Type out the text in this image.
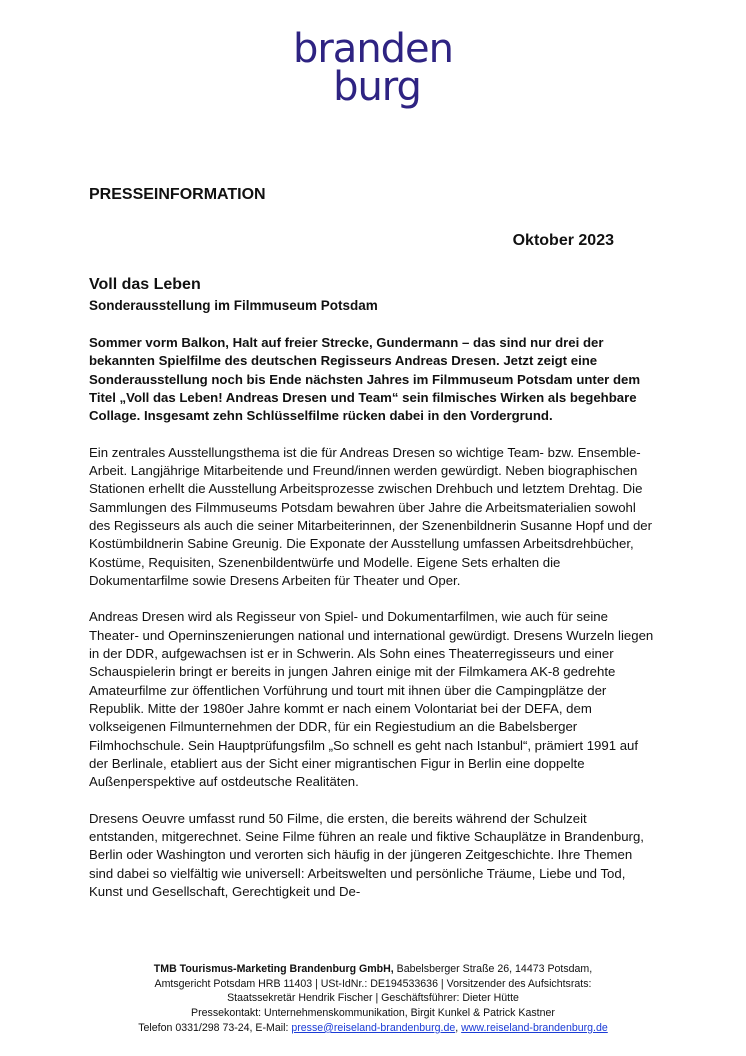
branden
burg
PRESSEINFORMATION
Oktober 2023
Voll das Leben
Sonderausstellung im Filmmuseum Potsdam

Sommer vorm Balkon, Halt auf freier Strecke, Gundermann – das sind nur drei der bekannten Spielfilme des deutschen Regisseurs Andreas Dresen. Jetzt zeigt eine Sonderausstellung noch bis Ende nächsten Jahres im Filmmuseum Potsdam unter dem Titel „Voll das Leben! Andreas Dresen und Team“ sein filmisches Wirken als begehbare Collage. Insgesamt zehn Schlüsselfilme rücken dabei in den Vordergrund.

Ein zentrales Ausstellungsthema ist die für Andreas Dresen so wichtige Team- bzw. Ensemble-Arbeit. Langjährige Mitarbeitende und Freund/innen werden gewürdigt. Neben biographischen Stationen erhellt die Ausstellung Arbeitsprozesse zwischen Drehbuch und letztem Drehtag. Die Sammlungen des Filmmuseums Potsdam bewahren über Jahre die Arbeitsmaterialien sowohl des Regisseurs als auch die seiner Mitarbeiterinnen, der Szenenbildnerin Susanne Hopf und der Kostümbildnerin Sabine Greunig. Die Exponate der Ausstellung umfassen Arbeitsdrehbücher, Kostüme, Requisiten, Szenenbildentwürfe und Modelle. Eigene Sets erhalten die Dokumentarfilme sowie Dresens Arbeiten für Theater und Oper.

Andreas Dresen wird als Regisseur von Spiel- und Dokumentarfilmen, wie auch für seine Theater- und Operninszenierungen national und international gewürdigt. Dresens Wurzeln liegen in der DDR, aufgewachsen ist er in Schwerin. Als Sohn eines Theaterregisseurs und einer Schauspielerin bringt er bereits in jungen Jahren einige mit der Filmkamera AK-8 gedrehte Amateurfilme zur öffentlichen Vorführung und tourt mit ihnen über die Campingplätze der Republik. Mitte der 1980er Jahre kommt er nach einem Volontariat bei der DEFA, dem volkseigenen Filmunternehmen der DDR, für ein Regiestudium an die Babelsberger Filmhochschule. Sein Hauptprüfungsfilm „So schnell es geht nach Istanbul“, prämiert 1991 auf der Berlinale, etabliert aus der Sicht einer migrantischen Figur in Berlin eine doppelte Außenperspektive auf ostdeutsche Realitäten.

Dresens Oeuvre umfasst rund 50 Filme, die ersten, die bereits während der Schulzeit entstanden, mitgerechnet. Seine Filme führen an reale und fiktive Schauplätze in Brandenburg, Berlin oder Washington und verorten sich häufig in der jüngeren Zeitgeschichte. Ihre Themen sind dabei so vielfältig wie universell: Arbeitswelten und persönliche Träume, Liebe und Tod, Kunst und Gesellschaft, Gerechtigkeit und De-

TMB Tourismus-Marketing Brandenburg GmbH, Babelsberger Straße 26, 14473 Potsdam,
Amtsgericht Potsdam HRB 11403 | USt-IdNr.: DE194533636 | Vorsitzender des Aufsichtsrats:
Staatssekretär Hendrik Fischer | Geschäftsführer: Dieter Hütte
Pressekontakt: Unternehmenskommunikation, Birgit Kunkel & Patrick Kastner
Telefon 0331/298 73-24, E-Mail: presse@reiseland-brandenburg.de, www.reiseland-brandenburg.de
